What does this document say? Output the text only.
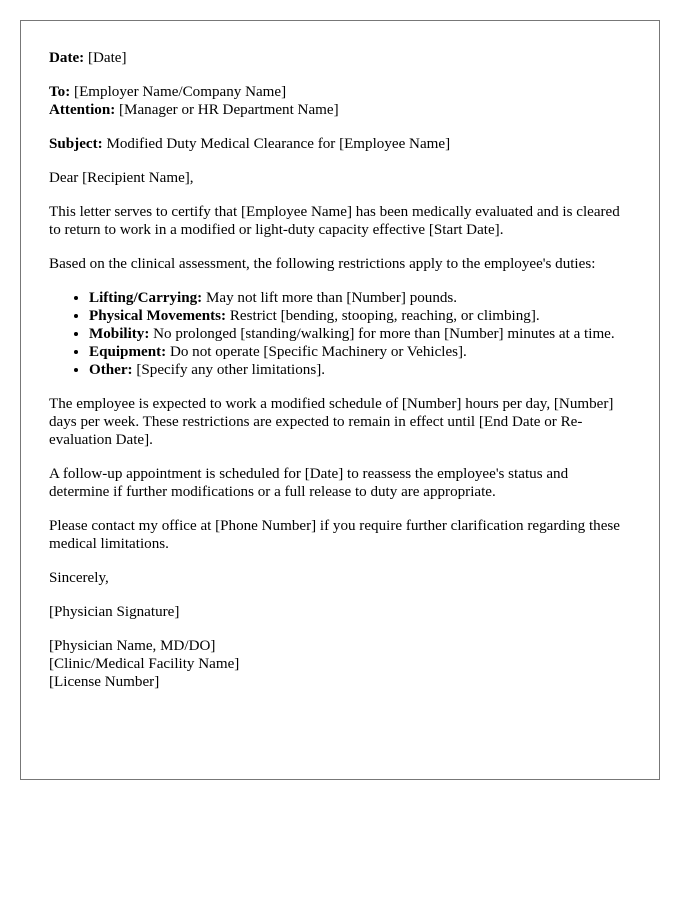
Date: [Date]

To: [Employer Name/Company Name]

Attention: [Manager or HR Department Name]

Subject: Modified Duty Medical Clearance for [Employee Name]

Dear [Recipient Name],

This letter serves to certify that [Employee Name] has been medically evaluated and is cleared to return to work in a modified or light-duty capacity effective [Start Date].

Based on the clinical assessment, the following restrictions apply to the employee's duties:

• Lifting/Carrying: May not lift more than [Number] pounds.
• Physical Movements: Restrict [bending, stooping, reaching, or climbing].
• Mobility: No prolonged [standing/walking] for more than [Number] minutes at a time.
• Equipment: Do not operate [Specific Machinery or Vehicles].
• Other: [Specify any other limitations].

The employee is expected to work a modified schedule of [Number] hours per day, [Number] days per week. These restrictions are expected to remain in effect until [End Date or Re-evaluation Date].

A follow-up appointment is scheduled for [Date] to reassess the employee's status and determine if further modifications or a full release to duty are appropriate.

Please contact my office at [Phone Number] if you require further clarification regarding these medical limitations.

Sincerely,

[Physician Signature]

[Physician Name, MD/DO]

[Clinic/Medical Facility Name]

[License Number]
